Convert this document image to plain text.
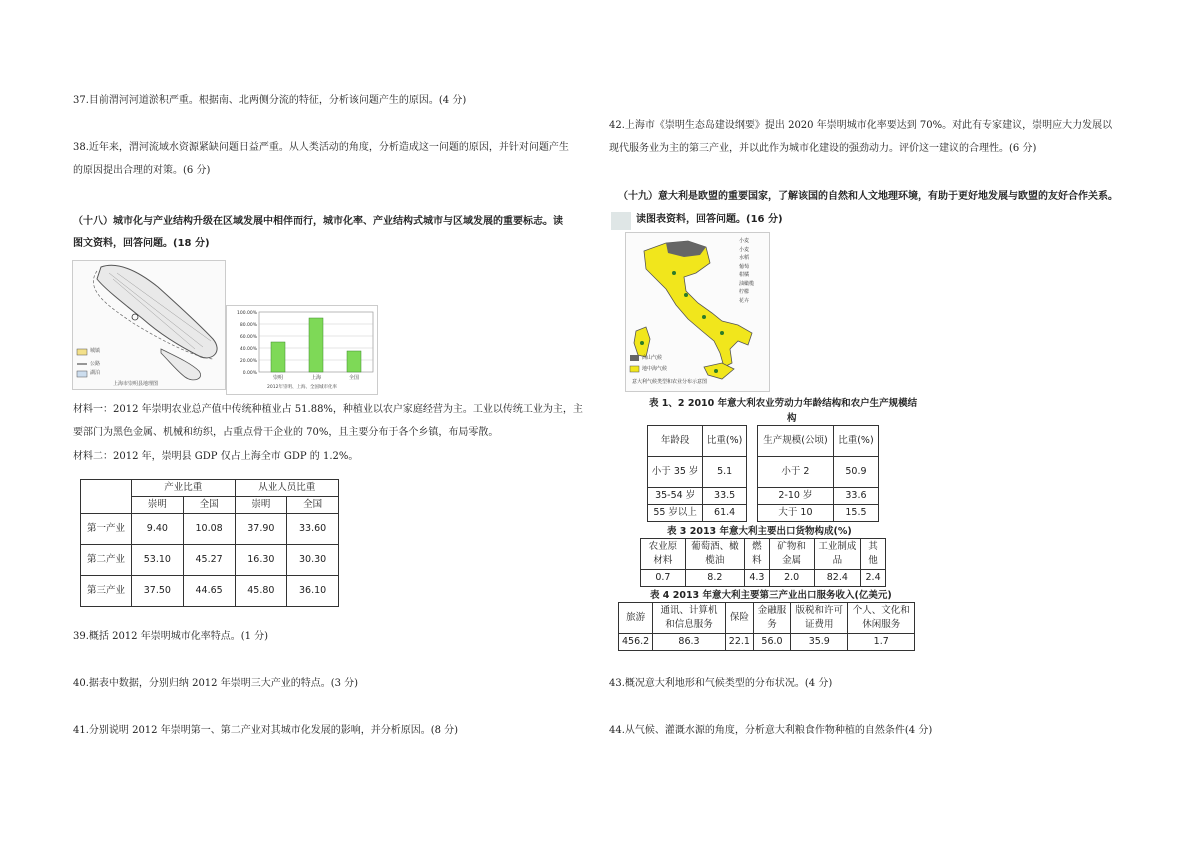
37.目前渭河河道淤积严重。根据南、北两侧分流的特征，分析该问题产生的原因。(4 分)
38.近年来，渭河流域水资源紧缺问题日益严重。从人类活动的角度，分析造成这一问题的原因，并针对问题产生
的原因提出合理的对策。(6 分)
（十八）城市化与产业结构升级在区域发展中相伴而行，城市化率、产业结构式城市与区域发展的重要标志。读
图文资料，回答问题。(18 分)
城镇
公路
湖泊
上海市崇明县地理图
100.00%
80.00%
60.00%
40.00%
20.00%
0.00%
崇明	上海	全国
2012年崇明、上海、全国城市化率
材料一：2012 年崇明农业总产值中传统种植业占 51.88%，种植业以农户家庭经营为主。工业以传统工业为主，主
要部门为黑色金属、机械和纺织，占重点骨干企业的 70%，且主要分布于各个乡镇，布局零散。
材料二：2012 年，崇明县 GDP 仅占上海全市 GDP 的 1.2%。
	产业比重		从业人员比重	
	崇明	全国	崇明	全国
第一产业	9.40	10.08	37.90	33.60
第二产业	53.10	45.27	16.30	30.30
第三产业	37.50	44.65	45.80	36.10
39.概括 2012 年崇明城市化率特点。(1 分)
40.据表中数据，分别归纳 2012 年崇明三大产业的特点。(3 分)
41.分别说明 2012 年崇明第一、第二产业对其城市化发展的影响，并分析原因。(8 分)
42.上海市《崇明生态岛建设纲要》提出 2020 年崇明城市化率要达到 70%。对此有专家建议，崇明应大力发展以
现代服务业为主的第三产业，并以此作为城市化建设的强劲动力。评价这一建议的合理性。(6 分)
（十九）意大利是欧盟的重要国家，了解该国的自然和人文地理环境，有助于更好地发展与欧盟的友好合作关系。
读图表资料，回答问题。(16 分)
小麦
小麦
水稻
葡萄
柑橘
油橄榄
柠檬
花卉
高山气候
地中海气候
意大利气候类型和农业分布示意图
表 1、2 2010 年意大利农业劳动力年龄结构和农户生产规模结
构
年龄段	比重(%)
小于 35 岁	5.1
35-54 岁	33.5
55 岁以上	61.4
生产规模(公顷)	比重(%)
小于 2	50.9
2-10 岁	33.6
大于 10	15.5
表 3 2013 年意大利主要出口货物构成(%)
农业原材料	葡萄酒、橄榄油	燃料	矿物和金属	工业制成品	其他
0.7	8.2	4.3	2.0	82.4	2.4
表 4 2013 年意大利主要第三产业出口服务收入(亿美元)
旅游	通讯、计算机和信息服务	保险	金融服务	版税和许可证费用	个人、文化和休闲服务
456.2	86.3	22.1	56.0	35.9	1.7
43.概况意大利地形和气候类型的分布状况。(4 分)
44.从气候、灌溉水源的角度，分析意大利粮食作物种植的自然条件(4 分)
